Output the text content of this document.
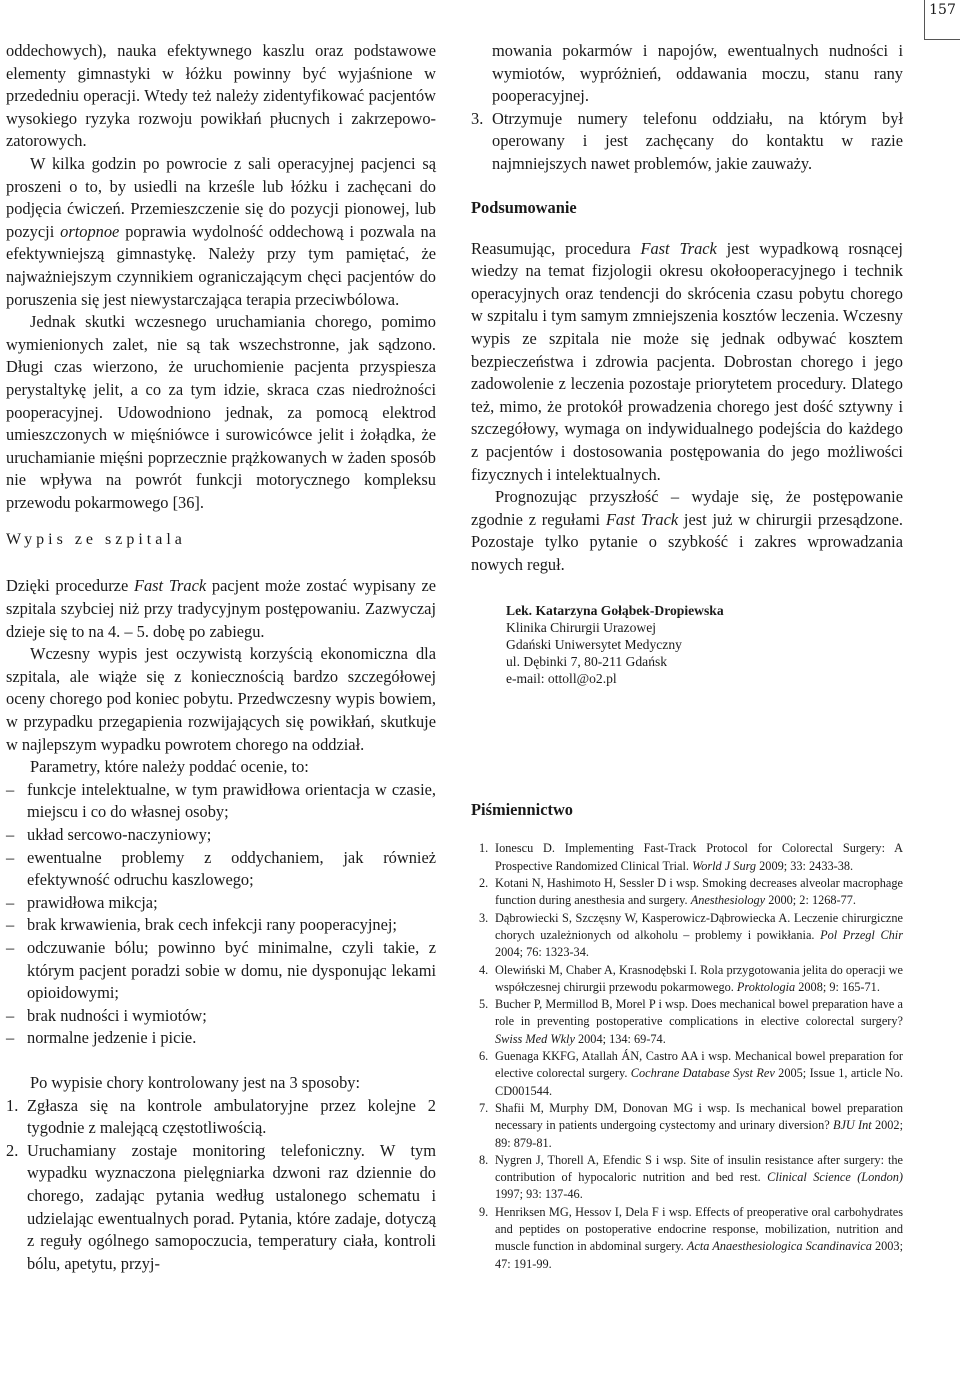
157

oddechowych), nauka efektywnego kaszlu oraz podstawowe elementy gimnastyki w łóżku powinny być wyjaśnione w przededniu operacji. Wtedy też należy zidentyfikować pacjentów wysokiego ryzyka rozwoju powikłań płucnych i zakrzepowo-zatorowych.

W kilka godzin po powrocie z sali operacyjnej pacjenci są proszeni o to, by usiedli na krześle lub łóżku i zachęcani do podjęcia ćwiczeń. Przemieszczenie się do pozycji pionowej, lub pozycji ortopnoe poprawia wydolność oddechową i pozwala na efektywniejszą gimnastykę. Należy przy tym pamiętać, że najważniejszym czynnikiem ograniczającym chęci pacjentów do poruszenia się jest niewystarczająca terapia przeciwbólowa.

Jednak skutki wczesnego uruchamiania chorego, pomimo wymienionych zalet, nie są tak wszechstronne, jak sądzono. Długi czas wierzono, że uruchomienie pacjenta przyspiesza perystaltykę jelit, a co za tym idzie, skraca czas niedrożności pooperacyjnej. Udowodniono jednak, za pomocą elektrod umieszczonych w mięśniówce i surowicówce jelit i żołądka, że uruchamianie mięśni poprzecznie prążkowanych w żaden sposób nie wpływa na powrót funkcji motorycznego kompleksu przewodu pokarmowego [36].

Wypis ze szpitala

Dzięki procedurze Fast Track pacjent może zostać wypisany ze szpitala szybciej niż przy tradycyjnym postępowaniu. Zazwyczaj dzieje się to na 4. – 5. dobę po zabiegu.

Wczesny wypis jest oczywistą korzyścią ekonomiczna dla szpitala, ale wiąże się z koniecznością bardzo szczegółowej oceny chorego pod koniec pobytu. Przedwczesny wypis bowiem, w przypadku przegapienia rozwijających się powikłań, skutkuje w najlepszym wypadku powrotem chorego na oddział.

Parametry, które należy poddać ocenie, to:

– funkcje intelektualne, w tym prawidłowa orientacja w czasie, miejscu i co do własnej osoby;
– układ sercowo-naczyniowy;
– ewentualne problemy z oddychaniem, jak również efektywność odruchu kaszlowego;
– prawidłowa mikcja;
– brak krwawienia, brak cech infekcji rany pooperacyjnej;
– odczuwanie bólu; powinno być minimalne, czyli takie, z którym pacjent poradzi sobie w domu, nie dysponując lekami opioidowymi;
– brak nudności i wymiotów;
– normalne jedzenie i picie.

Po wypisie chory kontrolowany jest na 3 sposoby:

1. Zgłasza się na kontrole ambulatoryjne przez kolejne 2 tygodnie z malejącą częstotliwością.
2. Uruchamiany zostaje monitoring telefoniczny. W tym wypadku wyznaczona pielęgniarka dzwoni raz dziennie do chorego, zadając pytania według ustalonego schematu i udzielając ewentualnych porad. Pytania, które zadaje, dotyczą z reguły ogólnego samopoczucia, temperatury ciała, kontroli bólu, apetytu, przyj-

mowania pokarmów i napojów, ewentualnych nudności i wymiotów, wypróżnień, oddawania moczu, stanu rany pooperacyjnej.

3. Otrzymuje numery telefonu oddziału, na którym był operowany i jest zachęcany do kontaktu w razie najmniejszych nawet problemów, jakie zauważy.

Podsumowanie

Reasumując, procedura Fast Track jest wypadkową rosnącej wiedzy na temat fizjologii okresu okołooperacyjnego i technik operacyjnych oraz tendencji do skrócenia czasu pobytu chorego w szpitalu i tym samym zmniejszenia kosztów leczenia. Wczesny wypis ze szpitala nie może się jednak odbywać kosztem bezpieczeństwa i zdrowia pacjenta. Dobrostan chorego i jego zadowolenie z leczenia pozostaje priorytetem procedury. Dlatego też, mimo, że protokół prowadzenia chorego jest dość sztywny i szczegółowy, wymaga on indywidualnego podejścia do każdego z pacjentów i dostosowania postępowania do jego możliwości fizycznych i intelektualnych.

Prognozując przyszłość – wydaje się, że postępowanie zgodnie z regułami Fast Track jest już w chirurgii przesądzone. Pozostaje tylko pytanie o szybkość i zakres wprowadzania nowych reguł.

Lek. Katarzyna Gołąbek-Dropiewska
Klinika Chirurgii Urazowej
Gdański Uniwersytet Medyczny
ul. Dębinki 7, 80-211 Gdańsk
e-mail: ottoll@o2.pl

Piśmiennictwo

1. Ionescu D. Implementing Fast-Track Protocol for Colorectal Surgery: A Prospective Randomized Clinical Trial. World J Surg 2009; 33: 2433-38.
2. Kotani N, Hashimoto H, Sessler D i wsp. Smoking decreases alveolar macrophage function during anesthesia and surgery. Anesthesiology 2000; 2: 1268-77.
3. Dąbrowiecki S, Szczęsny W, Kasperowicz-Dąbrowiecka A. Leczenie chirurgiczne chorych uzależnionych od alkoholu – problemy i powikłania. Pol Przegl Chir 2004; 76: 1323-34.
4. Olewiński M, Chaber A, Krasnodębski I. Rola przygotowania jelita do operacji we współczesnej chirurgii przewodu pokarmowego. Proktologia 2008; 9: 165-71.
5. Bucher P, Mermillod B, Morel P i wsp. Does mechanical bowel preparation have a role in preventing postoperative complications in elective colorectal surgery? Swiss Med Wkly 2004; 134: 69-74.
6. Guenaga KKFG, Atallah ÁN, Castro AA i wsp. Mechanical bowel preparation for elective colorectal surgery. Cochrane Database Syst Rev 2005; Issue 1, article No. CD001544.
7. Shafii M, Murphy DM, Donovan MG i wsp. Is mechanical bowel preparation necessary in patients undergoing cystectomy and urinary diversion? BJU Int 2002; 89: 879-81.
8. Nygren J, Thorell A, Efendic S i wsp. Site of insulin resistance after surgery: the contribution of hypocaloric nutrition and bed rest. Clinical Science (London) 1997; 93: 137-46.
9. Henriksen MG, Hessov I, Dela F i wsp. Effects of preoperative oral carbohydrates and peptides on postoperative endocrine response, mobilization, nutrition and muscle function in abdominal surgery. Acta Anaesthesiologica Scandinavica 2003; 47: 191-99.
